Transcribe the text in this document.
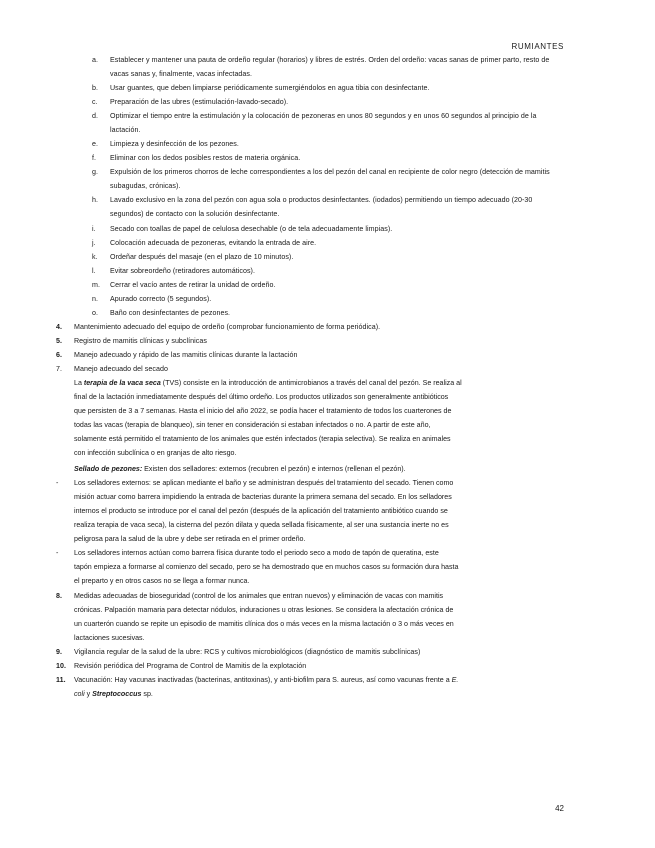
RUMIANTES
a.	Establecer y mantener una pauta de ordeño regular (horarios) y libres de estrés. Orden del ordeño: vacas sanas de primer parto, resto de vacas sanas y, finalmente, vacas infectadas.
b.	Usar guantes, que deben limpiarse periódicamente sumergiéndolos en agua tibia con desinfectante.
c.	Preparación de las ubres (estimulación-lavado-secado).
d.	Optimizar el tiempo entre la estimulación y la colocación de pezoneras en unos 80 segundos y en unos 60 segundos al principio de la lactación.
e.	Limpieza y desinfección de los pezones.
f.	Eliminar con los dedos posibles restos de materia orgánica.
g.	Expulsión de los primeros chorros de leche correspondientes a los del pezón del canal en recipiente de color negro (detección de mamitis subagudas, crónicas).
h.	Lavado exclusivo en la zona del pezón con agua sola o productos desinfectantes. (iodados) permitiendo un tiempo adecuado (20-30 segundos) de contacto con la solución desinfectante.
i.	Secado con toallas de papel de celulosa desechable (o de tela adecuadamente limpias).
j.	Colocación adecuada de pezoneras, evitando la entrada de aire.
k.	Ordeñar después del masaje (en el plazo de 10 minutos).
l.	Evitar sobreordeño (retiradores automáticos).
m.	Cerrar el vacío antes de retirar la unidad de ordeño.
n.	Apurado correcto (5 segundos).
o.	Baño con desinfectantes de pezones.
4.	Mantenimiento adecuado del equipo de ordeño (comprobar funcionamiento de forma periódica).
5.	Registro de mamitis clínicas y subclínicas
6.	Manejo adecuado y rápido de las mamitis clínicas durante la lactación
7.	Manejo adecuado del secado
La terapia de la vaca seca (TVS) consiste en la introducción de antimicrobianos a través del canal del pezón. Se realiza al
final de la lactación inmediatamente después del último ordeño. Los productos utilizados son generalmente antibióticos
que persisten de 3 a 7 semanas. Hasta el inicio del año 2022, se podía hacer el tratamiento de todos los cuarterones de
todas las vacas (terapia de blanqueo), sin tener en consideración si estaban infectados o no. A partir de este año,
solamente está permitido el tratamiento de los animales que estén infectados (terapia selectiva). Se realiza en animales
con infección subclínica o en granjas de alto riesgo.
Sellado de pezones: Existen dos selladores: externos (recubren el pezón) e internos (rellenan el pezón).
- Los selladores externos: se aplican mediante el baño y se administran después del tratamiento del secado. Tienen como
misión actuar como barrera impidiendo la entrada de bacterias durante la primera semana del secado. En los selladores
internos el producto se introduce por el canal del pezón (después de la aplicación del tratamiento antibiótico cuando se
realiza terapia de vaca seca), la cisterna del pezón dilata y queda sellada físicamente, al ser una sustancia inerte no es
peligrosa para la salud de la ubre y debe ser retirada en el primer ordeño.
- Los selladores internos actúan como barrera física durante todo el periodo seco a modo de tapón de queratina, este
tapón empieza a formarse al comienzo del secado, pero se ha demostrado que en muchos casos su formación dura hasta
el preparto y en otros casos no se llega a formar nunca.
8.	Medidas adecuadas de bioseguridad (control de los animales que entran nuevos) y eliminación de vacas con mamitis
crónicas. Palpación mamaria para detectar nódulos, induraciones u otras lesiones. Se considera la afectación crónica de
un cuarterón cuando se repite un episodio de mamitis clínica dos o más veces en la misma lactación o 3 o más veces en
lactaciones sucesivas.
9.	Vigilancia regular de la salud de la ubre: RCS y cultivos microbiológicos (diagnóstico de mamitis subclínicas)
10.	Revisión periódica del Programa de Control de Mamitis de la explotación
11.	Vacunación: Hay vacunas inactivadas (bacterinas, antitoxinas), y anti-biofilm para S. aureus, así como vacunas frente a E.
coli y Streptococcus sp.
42
